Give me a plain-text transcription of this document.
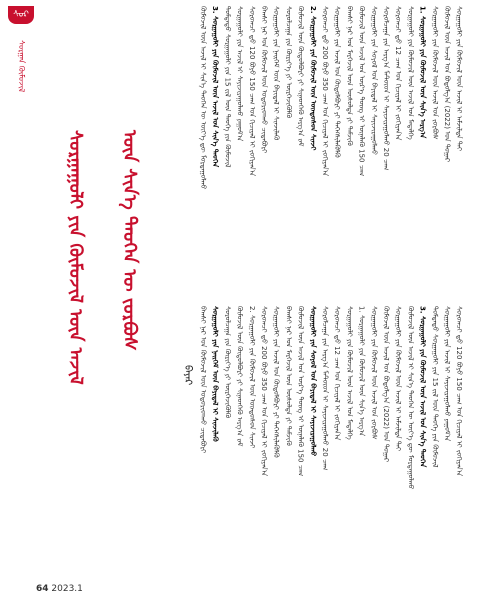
ᠰᠤᠷ
ᠰᠤᠷᠭᠠᠨ ᠬᠦᠮᠦᠵᠢᠯ
ᠰᠤᠷᠭᠠᠭᠤᠯᠢ ᠶᠢᠨ ᠬᠦᠮᠦᠵᠢᠯ ᠦᠨ ᠠᠵᠢᠯ ᠦᠨ ᠰᠢᠨ᠎ᠡ ᠲᠡᠦᠬᠡᠨ ᠦ ᠵᠤᠷᠪᠤᠰ
ᠪᠠᠶᠠᠷ
ᠬᠦᠮᠦᠵᠢᠯ ᠦᠨ ᠠᠵᠢᠯ ᠢ ᠰᠢᠨ᠎ᠡ ᠲᠡᠦᠬᠡᠨ ᠦ ᠦᠶ᠎ᠡ ᠳᠦ ᠮᠤᠷᠳᠠᠭᠤᠯᠬᠤ 3. ᠰᠤᠷᠭᠠᠭᠤᠯᠢ ᠶᠢᠨ ᠬᠦᠮᠦᠵᠢᠯ ᠦᠨ ᠠᠵᠢᠯ ᠤᠨ ᠰᠢᠨ᠎ᠡ ᠲᠡᠦᠬᠡᠨ ᠳᠤᠮᠳᠠᠳᠤ ᠰᠤᠷᠭᠠᠭᠤᠯᠢ ᠶᠢᠨ 15 ᠵᠢᠯ ᠦᠨ ᠲᠡᠦᠬᠡ ᠶᠢᠨ ᠬᠦᠮᠦᠵᠢᠯ ᠰᠤᠷᠭᠠᠭᠤᠯᠢ ᠶᠢᠨ ᠠᠵᠢᠯ ᠢ ᠰᠠᠶᠢᠵᠢᠷᠠᠭᠤᠯᠬᠤ ᠶᠠᠭᠤᠮ᠎ᠠ ᠰᠤᠷᠤᠭᠴᠢ ᠳ᠋ᠤ 120 ᠪᠤᠶᠤ 150 ᠴᠠᠭ ᠤᠨ ᠬᠢᠴᠢᠶᠡᠯ ᠢ ᠵᠤᠬᠢᠶᠠᠨ᠎ᠠ ᠪᠠᠭᠰᠢ ᠨᠠᠷ ᠤᠨ ᠬᠦᠮᠦᠵᠢᠯ ᠦᠨ ᠤᠳᠤᠷᠢᠳᠬᠤ ᠴᠢᠳᠠᠪᠤᠷᠢ ᠰᠤᠷᠭᠠᠭᠤᠯᠢ ᠶᠢᠨ ᠨᠡᠢᠭᠡᠮ ᠦᠨ ᠪᠠᠶᠢᠳᠠᠯ ᠢ ᠰᠢᠨᠵᠢᠯᠡᠬᠦ ᠰᠤᠷᠤᠯᠴᠠᠭᠠ ᠶᠢᠨ ᠬᠦᠷᠢᠶ᠎ᠡ ᠶᠢ ᠥᠷᠭᠡᠵᠢᠭᠦᠯᠬᠦ ᠬᠦᠮᠦᠵᠢᠯ ᠦᠨ ᠬᠥᠲᠥᠯᠪᠦᠷᠢ ᠶᠢ ᠰᠢᠨᠡᠳᠬᠡᠬᠦ ᠠᠷᠭ᠎ᠠ ᠵᠠᠮ 2. ᠰᠤᠷᠭᠠᠭᠤᠯᠢ ᠶᠢᠨ ᠬᠦᠮᠦᠵᠢᠯ ᠦᠨ ᠦᠨᠳᠦᠰᠦᠨ ᠰᠢᠨᠵᠢ ᠰᠤᠷᠤᠭᠴᠢ ᠳ᠋ᠤ 200 ᠪᠤᠶᠤ 350 ᠴᠠᠭ ᠤᠨ ᠬᠢᠴᠢᠶᠡᠯ ᠢ ᠵᠤᠬᠢᠶᠠᠨ᠎ᠠ ᠰᠤᠷᠭᠠᠭᠤᠯᠢ ᠶᠢᠨ ᠠᠵᠢᠯ ᠤᠨ ᠬᠥᠲᠥᠯᠪᠦᠷᠢ ᠶᠢ ᠳᠡᠭᠡᠭᠰᠢᠯᠡᠭᠦᠯᠬᠦ ᠪᠠᠭᠰᠢ ᠨᠠᠷ ᠤᠨ ᠮᠡᠷᠭᠡᠵᠢᠯ ᠦᠨ ᠥᠰᠦᠯᠲᠡ ᠶᠢ ᠳᠡᠮᠵᠢᠬᠦ ᠬᠦᠮᠦᠵᠢᠯ ᠦᠨ ᠠᠵᠢᠯ ᠤᠨ ᠦᠷ᠎ᠡ ᠳᠦᠩ ᠢ ᠦᠨᠡᠯᠡᠬᠦ 150 ᠴᠠᠭ ᠰᠤᠷᠭᠠᠭᠤᠯᠢ ᠶᠢᠨ ᠰᠤᠶᠤᠯ ᠤᠨ ᠪᠠᠶᠢᠳᠠᠯ ᠢ ᠰᠠᠶᠢᠵᠢᠷᠠᠭᠤᠯᠬᠤ ᠰᠤᠷᠤᠯᠴᠠᠭᠠ ᠶᠢᠨ ᠠᠷᠭ᠎ᠠ ᠮᠡᠲ᠋ᠦ᠋ᠳ ᠢ ᠰᠠᠶᠢᠵᠢᠷᠠᠭᠤᠯᠬᠤ 20 ᠴᠠᠭ ᠰᠤᠷᠤᠭᠴᠢ ᠳ᠋ᠤ 12 ᠴᠠᠭ ᠤᠨ ᠬᠢᠴᠢᠶᠡᠯ ᠢ ᠵᠤᠬᠢᠶᠠᠨ᠎ᠠ ᠰᠤᠷᠭᠠᠭᠤᠯᠢ ᠶᠢᠨ ᠬᠦᠮᠦᠵᠢᠯ ᠦᠨ ᠠᠵᠢᠯ ᠤᠨ ᠮᠡᠳᠡᠯᠭᠡ 1. ᠰᠤᠷᠭᠠᠭᠤᠯᠢ ᠶᠢᠨ ᠬᠦᠮᠦᠵᠢᠯ ᠦᠨ ᠰᠢᠨ᠎ᠡ ᠠᠷᠭ᠎ᠠ ᠰᠤᠷᠭᠠᠭᠤᠯᠢ ᠶᠢᠨ ᠬᠦᠮᠦᠵᠢᠯ ᠦᠨ ᠠᠵᠢᠯ ᠤᠨ ᠵᠤᠷᠪᠤᠰ ᠬᠦᠮᠦᠵᠢᠯ ᠦᠨ ᠠᠵᠢᠯ ᠤᠨ ᠪᠤᠳᠤᠯᠭ᠎ᠠ (2022) ᠤᠨ ᠳᠤᠭᠠᠷ ᠰᠤᠷᠭᠠᠭᠤᠯᠢ ᠶᠢᠨ ᠬᠦᠮᠦᠵᠢᠯ ᠦᠨ ᠠᠵᠢᠯ ᠢ ᠠᠮᠵᠢᠯᠲᠠ ᠲᠠᠢ
ᠪᠠᠭᠰᠢ ᠨᠠᠷ ᠤᠨ ᠬᠦᠮᠦᠵᠢᠯ ᠦᠨ ᠤᠳᠤᠷᠢᠳᠬᠤ ᠴᠢᠳᠠᠪᠤᠷᠢ ᠰᠤᠷᠭᠠᠭᠤᠯᠢ ᠶᠢᠨ ᠨᠡᠢᠭᠡᠮ ᠦᠨ ᠪᠠᠶᠢᠳᠠᠯ ᠢ ᠰᠢᠨᠵᠢᠯᠡᠬᠦ ᠰᠤᠷᠤᠯᠴᠠᠭᠠ ᠶᠢᠨ ᠬᠦᠷᠢᠶ᠎ᠡ ᠶᠢ ᠥᠷᠭᠡᠵᠢᠭᠦᠯᠬᠦ ᠬᠦᠮᠦᠵᠢᠯ ᠦᠨ ᠬᠥᠲᠥᠯᠪᠦᠷᠢ ᠶᠢ ᠰᠢᠨᠡᠳᠬᠡᠬᠦ ᠠᠷᠭ᠎ᠠ ᠵᠠᠮ 2. ᠰᠤᠷᠭᠠᠭᠤᠯᠢ ᠶᠢᠨ ᠬᠦᠮᠦᠵᠢᠯ ᠦᠨ ᠦᠨᠳᠦᠰᠦᠨ ᠰᠢᠨᠵᠢ ᠰᠤᠷᠤᠭᠴᠢ ᠳ᠋ᠤ 200 ᠪᠤᠶᠤ 350 ᠴᠠᠭ ᠤᠨ ᠬᠢᠴᠢᠶᠡᠯ ᠢ ᠵᠤᠬᠢᠶᠠᠨ᠎ᠠ ᠰᠤᠷᠭᠠᠭᠤᠯᠢ ᠶᠢᠨ ᠠᠵᠢᠯ ᠤᠨ ᠬᠥᠲᠥᠯᠪᠦᠷᠢ ᠶᠢ ᠳᠡᠭᠡᠭᠰᠢᠯᠡᠭᠦᠯᠬᠦ ᠪᠠᠭᠰᠢ ᠨᠠᠷ ᠤᠨ ᠮᠡᠷᠭᠡᠵᠢᠯ ᠦᠨ ᠥᠰᠦᠯᠲᠡ ᠶᠢ ᠳᠡᠮᠵᠢᠬᠦ ᠬᠦᠮᠦᠵᠢᠯ ᠦᠨ ᠠᠵᠢᠯ ᠤᠨ ᠦᠷ᠎ᠡ ᠳᠦᠩ ᠢ ᠦᠨᠡᠯᠡᠬᠦ 150 ᠴᠠᠭ ᠰᠤᠷᠭᠠᠭᠤᠯᠢ ᠶᠢᠨ ᠰᠤᠶᠤᠯ ᠤᠨ ᠪᠠᠶᠢᠳᠠᠯ ᠢ ᠰᠠᠶᠢᠵᠢᠷᠠᠭᠤᠯᠬᠤ ᠰᠤᠷᠤᠯᠴᠠᠭᠠ ᠶᠢᠨ ᠠᠷᠭ᠎ᠠ ᠮᠡᠲ᠋ᠦ᠋ᠳ ᠢ ᠰᠠᠶᠢᠵᠢᠷᠠᠭᠤᠯᠬᠤ 20 ᠴᠠᠭ ᠰᠤᠷᠤᠭᠴᠢ ᠳ᠋ᠤ 12 ᠴᠠᠭ ᠤᠨ ᠬᠢᠴᠢᠶᠡᠯ ᠢ ᠵᠤᠬᠢᠶᠠᠨ᠎ᠠ ᠰᠤᠷᠭᠠᠭᠤᠯᠢ ᠶᠢᠨ ᠬᠦᠮᠦᠵᠢᠯ ᠦᠨ ᠠᠵᠢᠯ ᠤᠨ ᠮᠡᠳᠡᠯᠭᠡ 1. ᠰᠤᠷᠭᠠᠭᠤᠯᠢ ᠶᠢᠨ ᠬᠦᠮᠦᠵᠢᠯ ᠦᠨ ᠰᠢᠨ᠎ᠡ ᠠᠷᠭ᠎ᠠ ᠰᠤᠷᠭᠠᠭᠤᠯᠢ ᠶᠢᠨ ᠬᠦᠮᠦᠵᠢᠯ ᠦᠨ ᠠᠵᠢᠯ ᠤᠨ ᠵᠤᠷᠪᠤᠰ ᠬᠦᠮᠦᠵᠢᠯ ᠦᠨ ᠠᠵᠢᠯ ᠤᠨ ᠪᠤᠳᠤᠯᠭ᠎ᠠ (2022) ᠤᠨ ᠳᠤᠭᠠᠷ ᠰᠤᠷᠭᠠᠭᠤᠯᠢ ᠶᠢᠨ ᠬᠦᠮᠦᠵᠢᠯ ᠦᠨ ᠠᠵᠢᠯ ᠢ ᠠᠮᠵᠢᠯᠲᠠ ᠲᠠᠢ ᠬᠦᠮᠦᠵᠢᠯ ᠦᠨ ᠠᠵᠢᠯ ᠢ ᠰᠢᠨ᠎ᠡ ᠲᠡᠦᠬᠡᠨ ᠦ ᠦᠶ᠎ᠡ ᠳᠦ ᠮᠤᠷᠳᠠᠭᠤᠯᠬᠤ 3. ᠰᠤᠷᠭᠠᠭᠤᠯᠢ ᠶᠢᠨ ᠬᠦᠮᠦᠵᠢᠯ ᠦᠨ ᠠᠵᠢᠯ ᠤᠨ ᠰᠢᠨ᠎ᠡ ᠲᠡᠦᠬᠡᠨ ᠳᠤᠮᠳᠠᠳᠤ ᠰᠤᠷᠭᠠᠭᠤᠯᠢ ᠶᠢᠨ 15 ᠵᠢᠯ ᠦᠨ ᠲᠡᠦᠬᠡ ᠶᠢᠨ ᠬᠦᠮᠦᠵᠢᠯ ᠰᠤᠷᠭᠠᠭᠤᠯᠢ ᠶᠢᠨ ᠠᠵᠢᠯ ᠢ ᠰᠠᠶᠢᠵᠢᠷᠠᠭᠤᠯᠬᠤ ᠶᠠᠭᠤᠮ᠎ᠠ ᠰᠤᠷᠤᠭᠴᠢ ᠳ᠋ᠤ 120 ᠪᠤᠶᠤ 150 ᠴᠠᠭ ᠤᠨ ᠬᠢᠴᠢᠶᠡᠯ ᠢ ᠵᠤᠬᠢᠶᠠᠨ᠎ᠠ
64 2023.1
